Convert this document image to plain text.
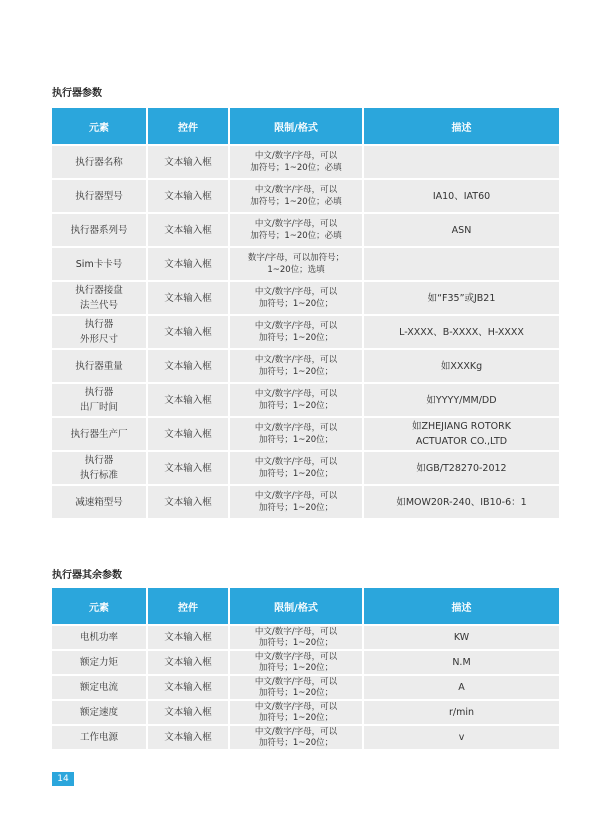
执行器参数
元素	控件	限制/格式	描述
执行器名称	文本输入框	中文/数字/字母，可以
加符号；1~20位；必填	
执行器型号	文本输入框	中文/数字/字母，可以
加符号；1~20位；必填	IA10、IAT60
执行器系列号	文本输入框	中文/数字/字母，可以
加符号；1~20位；必填	ASN
Sim卡卡号	文本输入框	数字/字母，可以加符号；
1~20位；选填	
执行器接盘
法兰代号	文本输入框	中文/数字/字母，可以
加符号；1~20位；	如“F35”或JB21
执行器
外形尺寸	文本输入框	中文/数字/字母，可以
加符号；1~20位；	L-XXXX、B-XXXX、H-XXXX
执行器重量	文本输入框	中文/数字/字母，可以
加符号；1~20位；	如XXXKg
执行器
出厂时间	文本输入框	中文/数字/字母，可以
加符号；1~20位；	如YYYY/MM/DD
执行器生产厂	文本输入框	中文/数字/字母，可以
加符号；1~20位；	如ZHEJIANG ROTORK
ACTUATOR CO.,LTD
执行器
执行标准	文本输入框	中文/数字/字母，可以
加符号；1~20位；	如GB/T28270-2012
减速箱型号	文本输入框	中文/数字/字母，可以
加符号；1~20位；	如MOW20R-240、IB10-6：1
执行器其余参数
元素	控件	限制/格式	描述
电机功率	文本输入框	中文/数字/字母，可以
加符号；1~20位；	KW
额定力矩	文本输入框	中文/数字/字母，可以
加符号；1~20位；	N.M
额定电流	文本输入框	中文/数字/字母，可以
加符号；1~20位；	A
额定速度	文本输入框	中文/数字/字母，可以
加符号；1~20位；	r/min
工作电源	文本输入框	中文/数字/字母，可以
加符号；1~20位；	v
14
